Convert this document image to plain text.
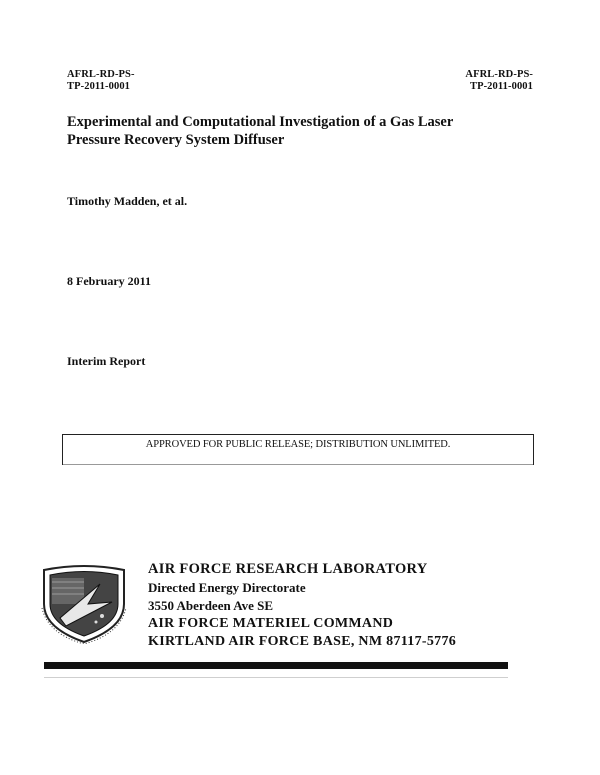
AFRL-RD-PS-
TP-2011-0001
AFRL-RD-PS-
TP-2011-0001
Experimental and Computational Investigation of a Gas Laser
Pressure Recovery System Diffuser
Timothy Madden, et al.
8 February 2011
Interim Report
APPROVED FOR PUBLIC RELEASE; DISTRIBUTION UNLIMITED.
AIR FORCE RESEARCH LABORATORY
Directed Energy Directorate
3550 Aberdeen Ave SE
AIR FORCE MATERIEL COMMAND
KIRTLAND AIR FORCE BASE, NM 87117-5776
